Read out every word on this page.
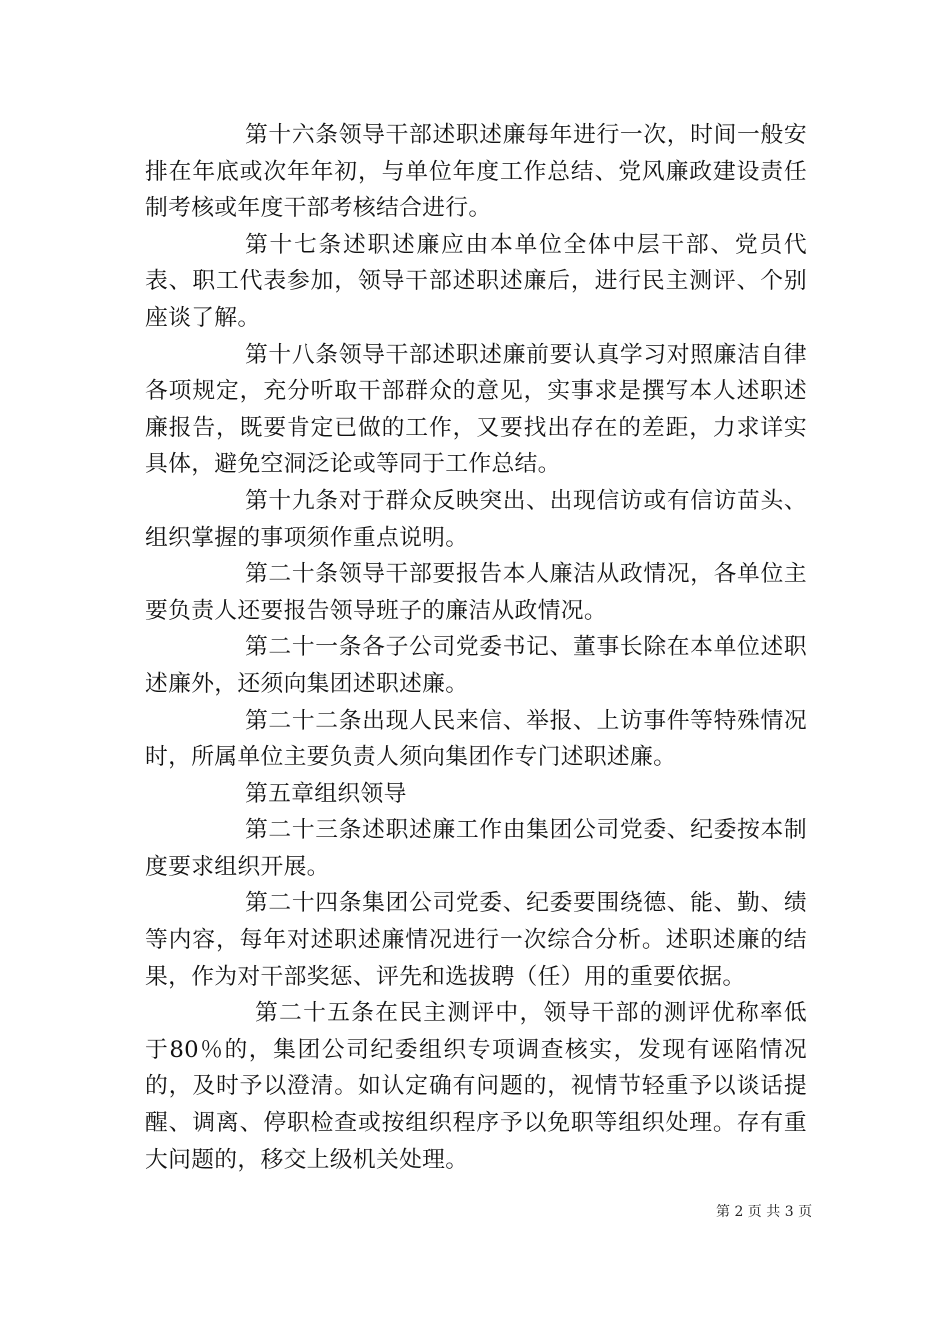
第十六条领导干部述职述廉每年进行一次，时间一般安排在年底或次年年初，与单位年度工作总结、党风廉政建设责任制考核或年度干部考核结合进行。

第十七条述职述廉应由本单位全体中层干部、党员代表、职工代表参加，领导干部述职述廉后，进行民主测评、个别座谈了解。

第十八条领导干部述职述廉前要认真学习对照廉洁自律各项规定，充分听取干部群众的意见，实事求是撰写本人述职述廉报告，既要肯定已做的工作，又要找出存在的差距，力求详实具体，避免空洞泛论或等同于工作总结。

第十九条对于群众反映突出、出现信访或有信访苗头、组织掌握的事项须作重点说明。

第二十条领导干部要报告本人廉洁从政情况，各单位主要负责人还要报告领导班子的廉洁从政情况。

第二十一条各子公司党委书记、董事长除在本单位述职述廉外，还须向集团述职述廉。

第二十二条出现人民来信、举报、上访事件等特殊情况时，所属单位主要负责人须向集团作专门述职述廉。

第五章组织领导

第二十三条述职述廉工作由集团公司党委、纪委按本制度要求组织开展。

第二十四条集团公司党委、纪委要围绕德、能、勤、绩等内容，每年对述职述廉情况进行一次综合分析。述职述廉的结果，作为对干部奖惩、评先和选拔聘（任）用的重要依据。

第二十五条在民主测评中，领导干部的测评优称率低于80％的，集团公司纪委组织专项调查核实，发现有诬陷情况的，及时予以澄清。如认定确有问题的，视情节轻重予以谈话提醒、调离、停职检查或按组织程序予以免职等组织处理。存有重大问题的，移交上级机关处理。

第 2 页 共 3 页
